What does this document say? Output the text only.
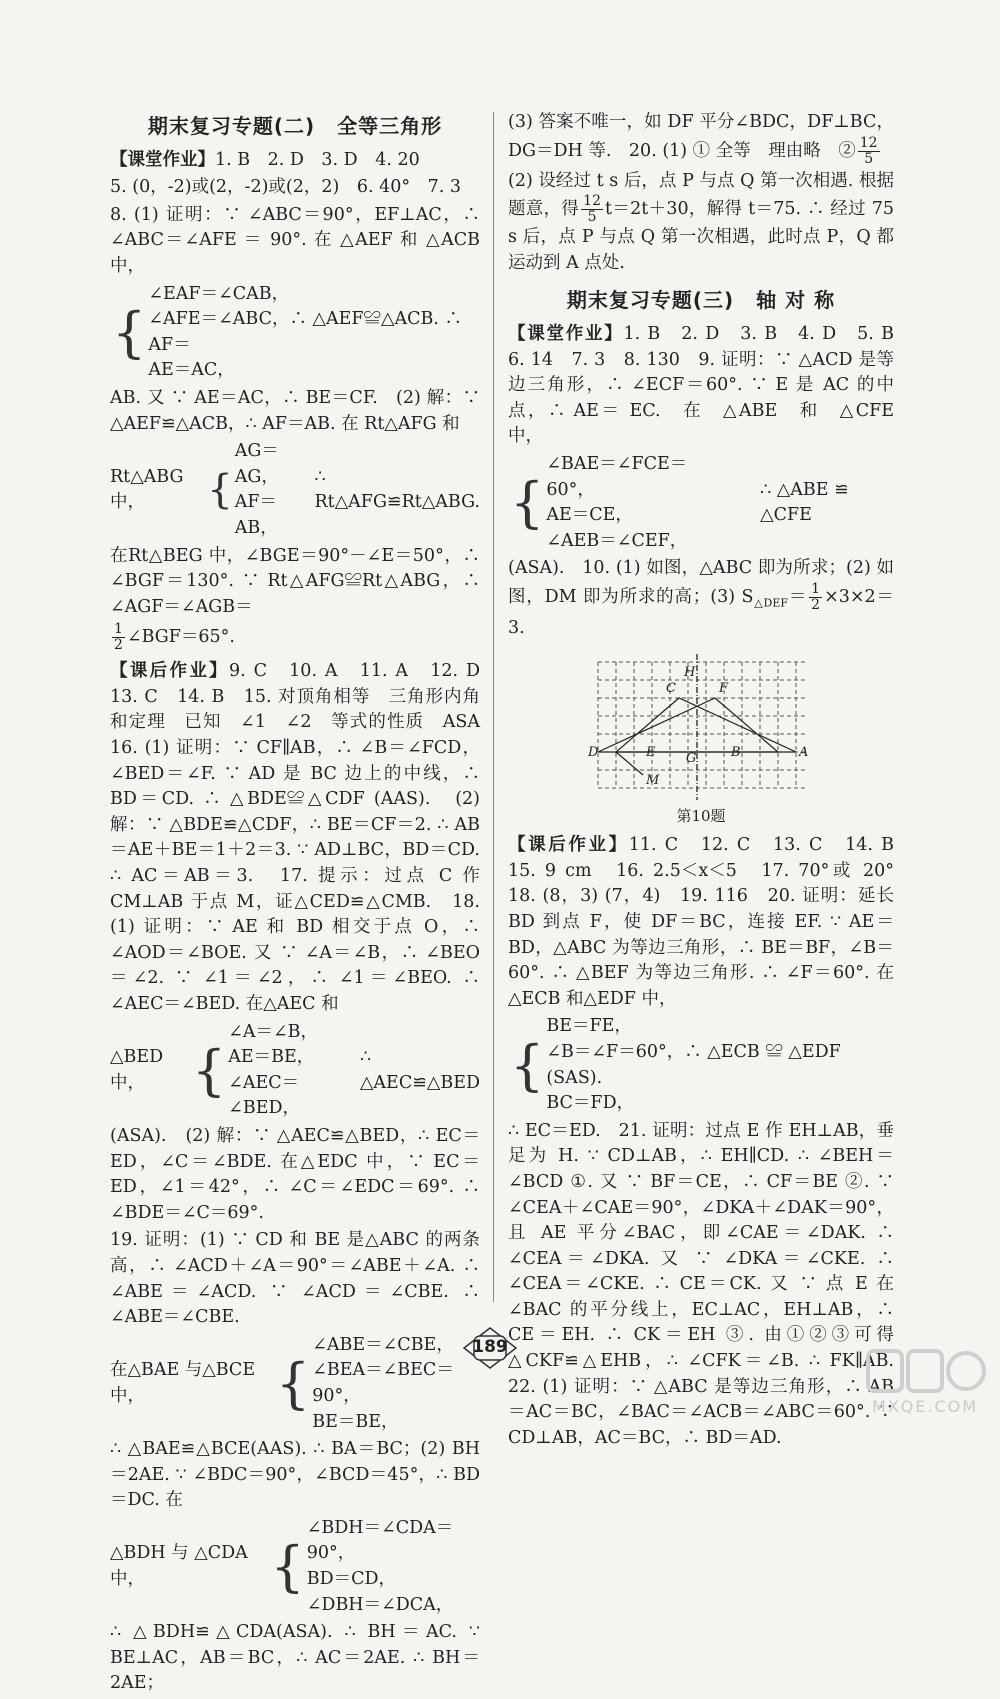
期末复习专题(二) 全等三角形

【课堂作业】1. B　2. D　3. D　4. 20

5. (0，-2)或(2，-2)或(2，2)　6. 40°　7. 3

8. (1) 证明：∵ ∠ABC＝90°，EF⊥AC，∴ ∠ABC＝∠AFE ＝ 90°. 在 △AEF 和 △ACB 中，

{
∠EAF＝∠CAB，
∠AFE＝∠ABC，∴ △AEF≌△ACB. ∴ AF＝
AE＝AC，

AB. 又 ∵ AE＝AC，∴ BE＝CF.　(2) 解：∵ △AEF≌△ACB，∴ AF＝AB. 在 Rt△AFG 和

Rt△ABG 中，	{
AG＝AG，
AF＝AB，
∴ Rt△AFG≌Rt△ABG.

在Rt△BEG 中，∠BGE＝90°－∠E＝50°，∴ ∠BGF＝130°. ∵ Rt△AFG≌Rt△ABG，∴ ∠AGF＝∠AGB＝

$\frac{1}{2}$ ∠BGF＝65°.

【课后作业】9. C　10. A　11. A　12. D　13. C　14. B　15. 对顶角相等　三角形内角和定理　已知　∠1　∠2　等式的性质　ASA　16. (1) 证明：∵ CF∥AB，∴ ∠B＝∠FCD，∠BED＝∠F. ∵ AD 是 BC 边上的中线，∴ BD＝CD. ∴ △BDE≌△CDF (AAS).　(2) 解：∵ △BDE≌△CDF，∴ BE＝CF＝2. ∴ AB＝AE＋BE＝1＋2＝3. ∵ AD⊥BC，BD＝CD. ∴ AC＝AB＝3.　17. 提示：过点 C 作 CM⊥AB 于点 M，证△CED≌△CMB.　18. (1) 证明：∵ AE 和 BD 相交于点 O，∴ ∠AOD＝∠BOE. 又 ∵ ∠A＝∠B，∴ ∠BEO＝∠2. ∵ ∠1＝∠2，∴ ∠1＝∠BEO. ∴ ∠AEC＝∠BED. 在△AEC 和

△BED 中， {
∠A＝∠B，
AE＝BE，
∠AEC＝∠BED，
∴ △AEC≌△BED

(ASA).　(2) 解：∵ △AEC≌△BED，∴ EC＝ED，∠C＝∠BDE. 在△EDC 中，∵ EC＝ED，∠1＝42°，∴ ∠C＝∠EDC＝69°. ∴ ∠BDE＝∠C＝69°.

19. 证明：(1) ∵ CD 和 BE 是△ABC 的两条高，∴ ∠ACD＋∠A＝90°＝∠ABE＋∠A. ∴ ∠ABE＝∠ACD. ∵ ∠ACD＝∠CBE. ∴ ∠ABE＝∠CBE.

在△BAE 与△BCE 中，	{
∠ABE＝∠CBE，
∠BEA＝∠BEC＝90°，
BE＝BE，

∴ △BAE≌△BCE(AAS). ∴ BA＝BC；(2) BH＝2AE. ∵ ∠BDC＝90°，∠BCD＝45°，∴ BD＝DC. 在

△BDH 与 △CDA 中，	{
∠BDH＝∠CDA＝90°，
BD＝CD，
∠DBH＝∠DCA，

∴ △BDH≌△CDA(ASA). ∴ BH＝AC. ∵ BE⊥AC，AB＝BC，∴ AC＝2AE. ∴ BH＝2AE；

(3) 答案不唯一，如 DF 平分∠BDC，DF⊥BC，DG＝DH 等.　20. (1) ① 全等　理由略　② $\frac{12}{5}$

(2) 设经过 t s 后，点 P 与点 Q 第一次相遇. 根据题意，得 $\frac{12}{5} t=2t+30$，解得 t＝75. ∴ 经过 75 s 后，点 P 与点 Q 第一次相遇，此时点 P，Q 都运动到 A 点处.

期末复习专题(三) 轴 对 称

【课堂作业】1. B　2. D　3. B　4. D　5. B　6. 14　7. 3　8. 130　9. 证明：∵ △ACD 是等边三角形，∴ ∠ECF＝60°. ∵ E 是 AC 的中点，∴ AE＝ EC.　在　△ABE　和　△CFE　中，

{
∠BAE＝∠FCE＝60°，
AE＝CE，
∠AEB＝∠CEF，
∴ △ABE ≌ △CFE

(ASA).　10. (1) 如图，△ABC 即为所求；(2) 如图，DM 即为所求的高；(3) $S_{\triangle DEF}= \frac{1}{2} \times 3\times 2=3$.

H
C	F
D	E G	B	A
M
第10题

【课后作业】11. C　12. C　13. C　14. B　15. 9 cm　16. 2.5＜x＜5　17. 70°或 20°　18. (8，3) (7，4)　19. 116　20. 证明：延长 BD 到点 F，使 DF＝BC，连接 EF. ∵ AE＝BD，△ABC 为等边三角形，∴ BE＝BF，∠B＝60°. ∴ △BEF 为等边三角形. ∴ ∠F＝60°. 在△ECB 和△EDF 中，

{
BE＝FE，
∠B＝∠F＝60°，∴ △ECB ≌ △EDF (SAS).
BC＝FD，

∴ EC＝ED.　21. 证明：过点 E 作 EH⊥AB，垂足为 H. ∵ CD⊥AB，∴ EH∥CD. ∴ ∠BEH＝∠BCD ①. 又 ∵ BF＝CE，∴ CF＝BE ②. ∵ ∠CEA＋∠CAE＝90°，∠DKA＋∠DAK＝90°，且 AE 平分∠BAC，即∠CAE＝∠DAK. ∴ ∠CEA＝∠DKA. 又 ∵ ∠DKA＝∠CKE. ∴ ∠CEA＝∠CKE. ∴ CE＝CK. 又 ∵ 点 E 在∠BAC 的平分线上，EC⊥AC，EH⊥AB，∴ CE＝EH. ∴ CK＝EH ③. 由①②③可得△CKF≌△EHB，∴ ∠CFK＝∠B. ∴ FK∥AB.　22. (1) 证明：∵ △ABC 是等边三角形，∴ AB＝AC＝BC，∠BAC＝∠ACB＝∠ABC＝60°. ∵ CD⊥AB，AC＝BC，∴ BD＝AD.

189
MXQE.COM
